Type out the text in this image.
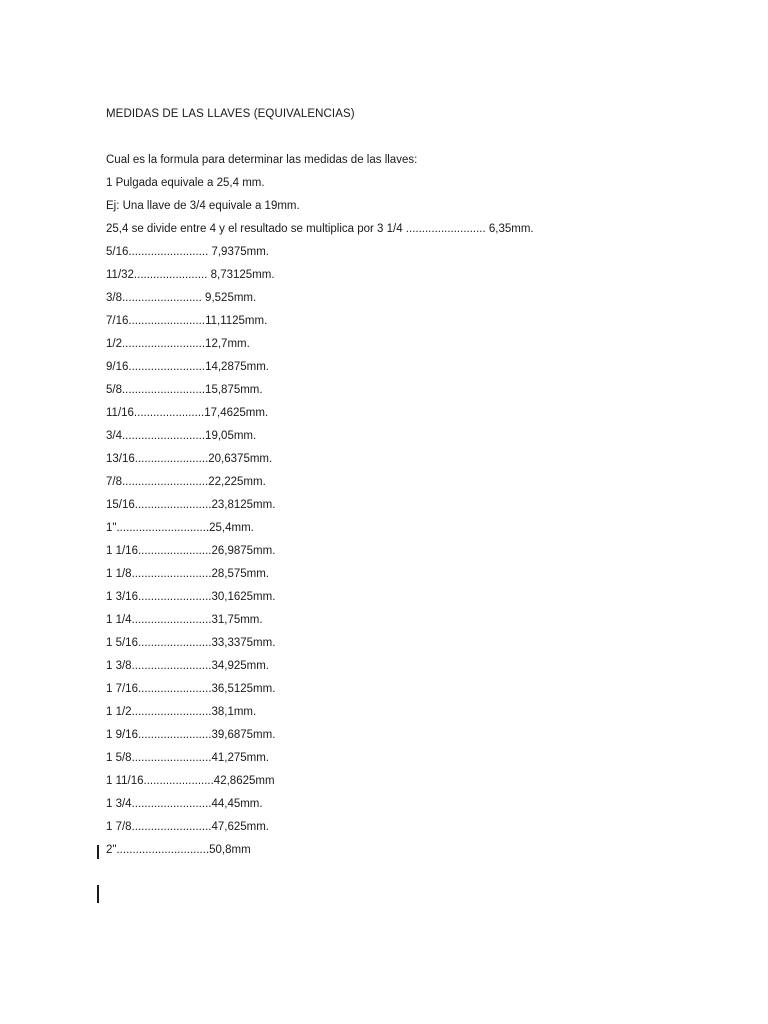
MEDIDAS DE LAS LLAVES (EQUIVALENCIAS)
Cual es la formula para determinar las medidas de las llaves:
1 Pulgada equivale a 25,4 mm.
Ej: Una llave de 3/4 equivale a 19mm.
25,4 se divide entre 4 y el resultado se multiplica por 3 1/4 ......................... 6,35mm.
5/16......................... 7,9375mm.
11/32....................... 8,73125mm.
3/8......................... 9,525mm.
7/16........................11,1125mm.
1/2..........................12,7mm.
9/16........................14,2875mm.
5/8..........................15,875mm.
11/16......................17,4625mm.
3/4..........................19,05mm.
13/16.......................20,6375mm.
7/8...........................22,225mm.
15/16........................23,8125mm.
1".............................25,4mm.
1 1/16.......................26,9875mm.
1 1/8.........................28,575mm.
1 3/16.......................30,1625mm.
1 1/4.........................31,75mm.
1 5/16.......................33,3375mm.
1 3/8.........................34,925mm.
1 7/16.......................36,5125mm.
1 1/2.........................38,1mm.
1 9/16.......................39,6875mm.
1 5/8.........................41,275mm.
1 11/16......................42,8625mm
1 3/4.........................44,45mm.
1 7/8.........................47,625mm.
2".............................50,8mm
